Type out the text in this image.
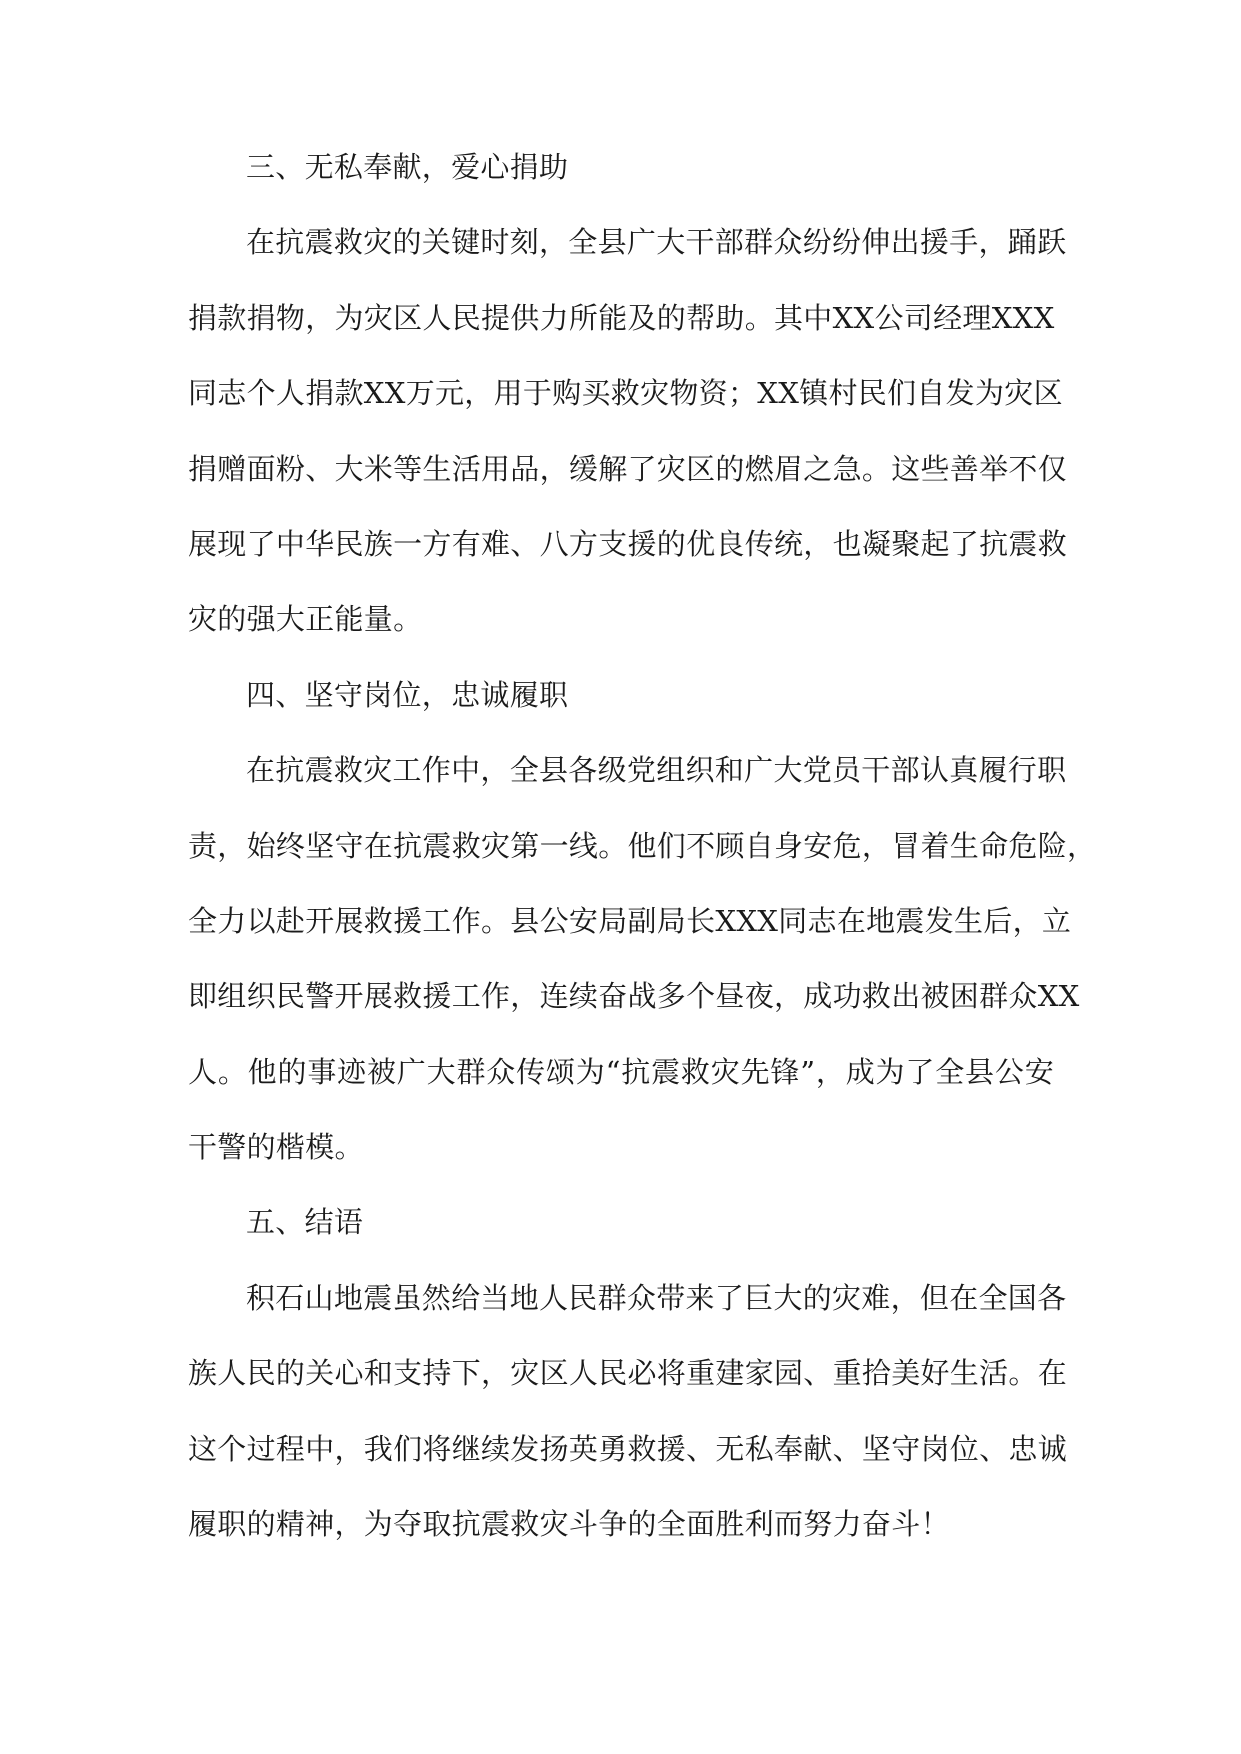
三、无私奉献，爱心捐助
在抗震救灾的关键时刻，全县广大干部群众纷纷伸出援手，踊跃
捐款捐物，为灾区人民提供力所能及的帮助。其中XX公司经理XXX
同志个人捐款XX万元，用于购买救灾物资；XX镇村民们自发为灾区
捐赠面粉、大米等生活用品，缓解了灾区的燃眉之急。这些善举不仅
展现了中华民族一方有难、八方支援的优良传统，也凝聚起了抗震救
灾的强大正能量。
四、坚守岗位，忠诚履职
在抗震救灾工作中，全县各级党组织和广大党员干部认真履行职
责，始终坚守在抗震救灾第一线。他们不顾自身安危，冒着生命危险，
全力以赴开展救援工作。县公安局副局长XXX同志在地震发生后，立
即组织民警开展救援工作，连续奋战多个昼夜，成功救出被困群众XX
人。他的事迹被广大群众传颂为“抗震救灾先锋”，成为了全县公安
干警的楷模。
五、结语
积石山地震虽然给当地人民群众带来了巨大的灾难，但在全国各
族人民的关心和支持下，灾区人民必将重建家园、重拾美好生活。在
这个过程中，我们将继续发扬英勇救援、无私奉献、坚守岗位、忠诚
履职的精神，为夺取抗震救灾斗争的全面胜利而努力奋斗！
